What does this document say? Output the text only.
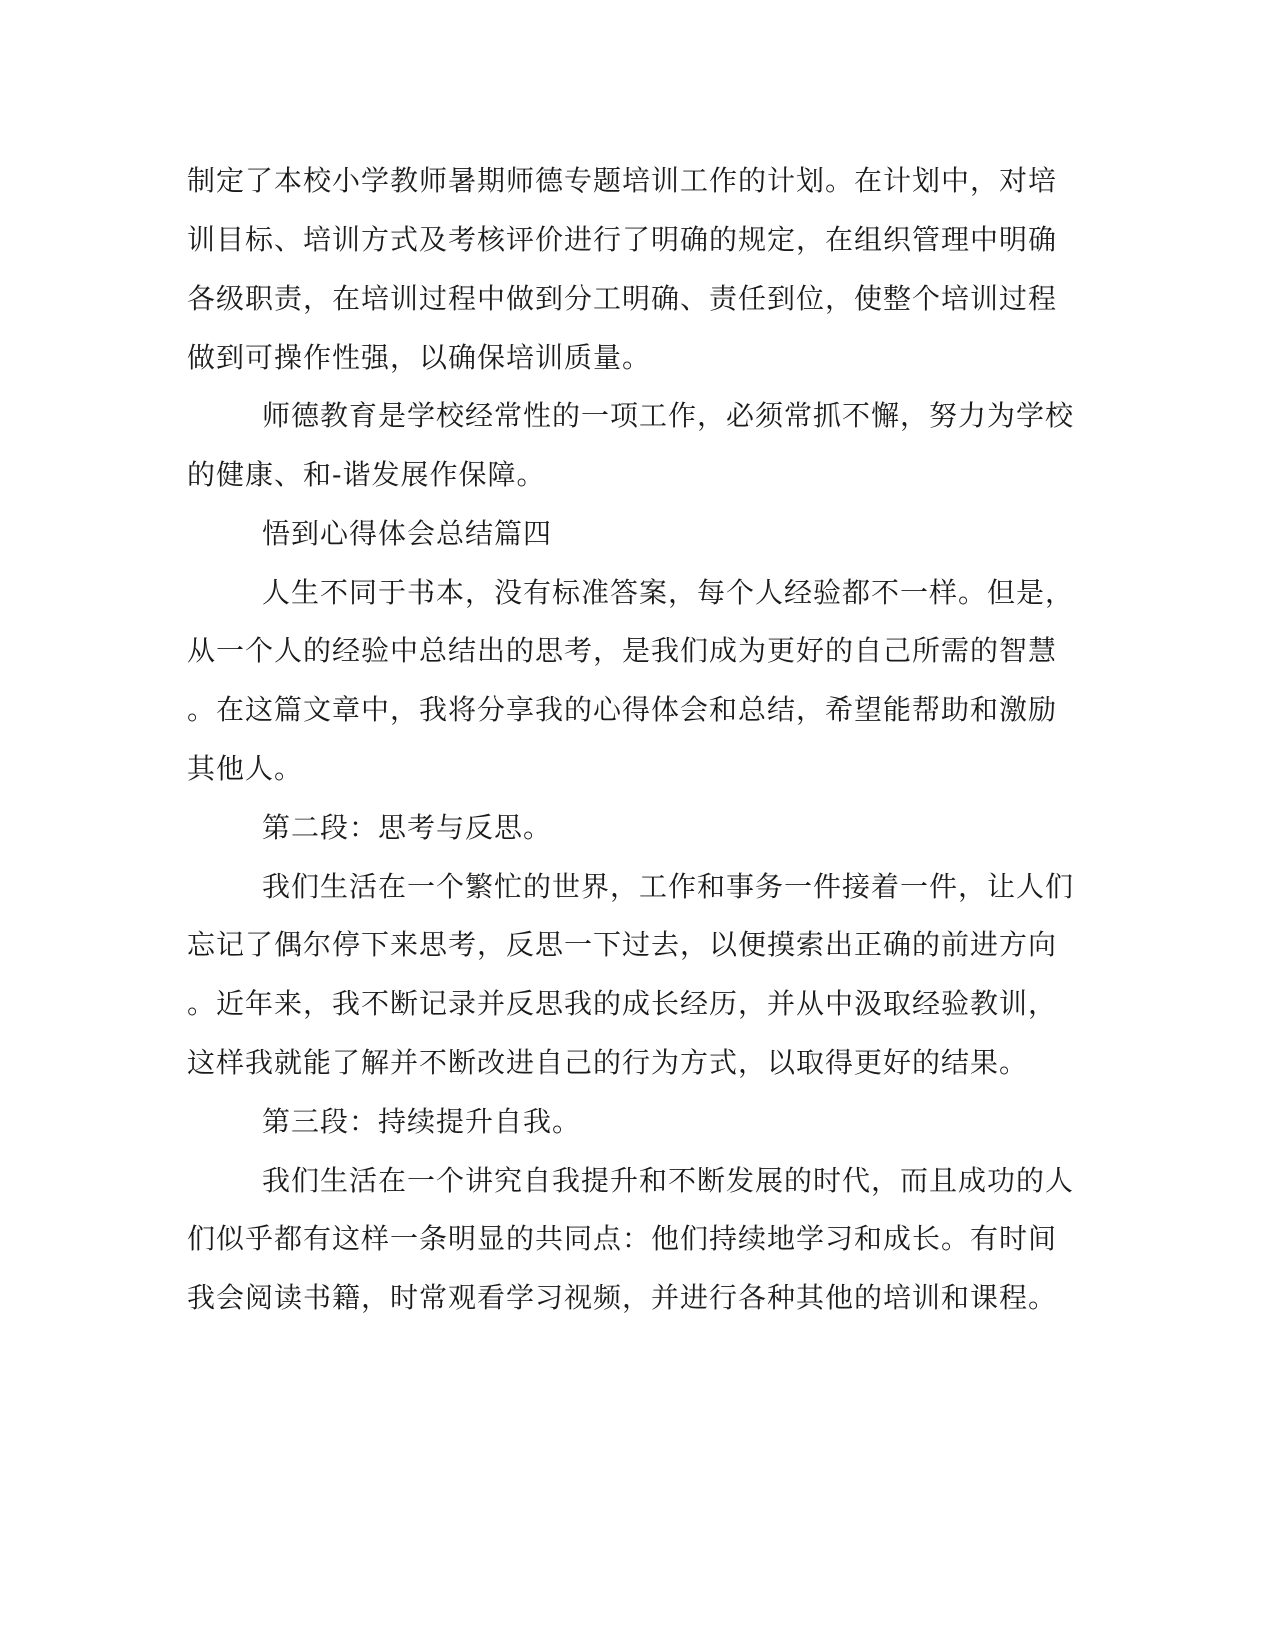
制定了本校小学教师暑期师德专题培训工作的计划。在计划中，对培
训目标、培训方式及考核评价进行了明确的规定，在组织管理中明确
各级职责，在培训过程中做到分工明确、责任到位，使整个培训过程
做到可操作性强，以确保培训质量。
师德教育是学校经常性的一项工作，必须常抓不懈，努力为学校
的健康、和-谐发展作保障。
悟到心得体会总结篇四
人生不同于书本，没有标准答案，每个人经验都不一样。但是，
从一个人的经验中总结出的思考，是我们成为更好的自己所需的智慧
。在这篇文章中，我将分享我的心得体会和总结，希望能帮助和激励
其他人。
第二段：思考与反思。
我们生活在一个繁忙的世界，工作和事务一件接着一件，让人们
忘记了偶尔停下来思考，反思一下过去，以便摸索出正确的前进方向
。近年来，我不断记录并反思我的成长经历，并从中汲取经验教训，
这样我就能了解并不断改进自己的行为方式，以取得更好的结果。
第三段：持续提升自我。
我们生活在一个讲究自我提升和不断发展的时代，而且成功的人
们似乎都有这样一条明显的共同点：他们持续地学习和成长。有时间
我会阅读书籍，时常观看学习视频，并进行各种其他的培训和课程。
